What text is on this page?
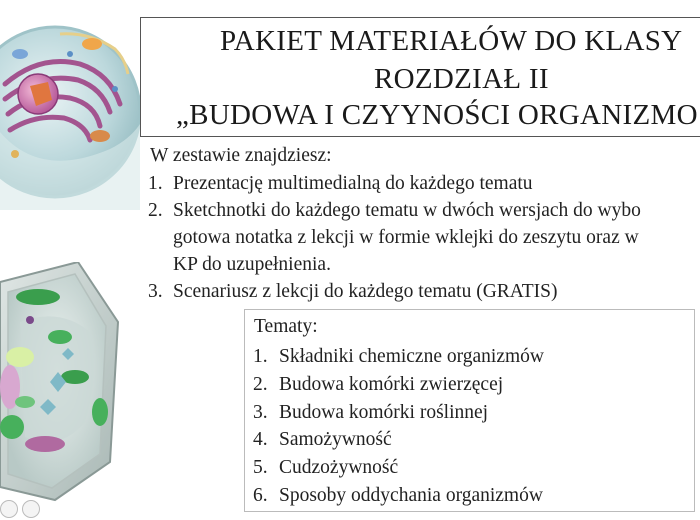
PAKIET MATERIAŁÓW DO KLASY
ROZDZIAŁ II
„BUDOWA I CZYYNOŚCI ORGANIZMO
W zestawie znajdziesz:
1. Prezentację multimedialną do każdego tematu
2. Sketchnotki do każdego tematu w dwóch wersjach do wybo
gotowa notatka z lekcji w formie wklejki do zeszytu oraz w
KP do uzupełnienia.
3. Scenariusz z lekcji do każdego tematu (GRATIS)
Tematy:
1. Składniki chemiczne organizmów
2. Budowa komórki zwierzęcej
3. Budowa komórki roślinnej
4. Samożywność
5. Cudzożywność
6. Sposoby oddychania organizmów
